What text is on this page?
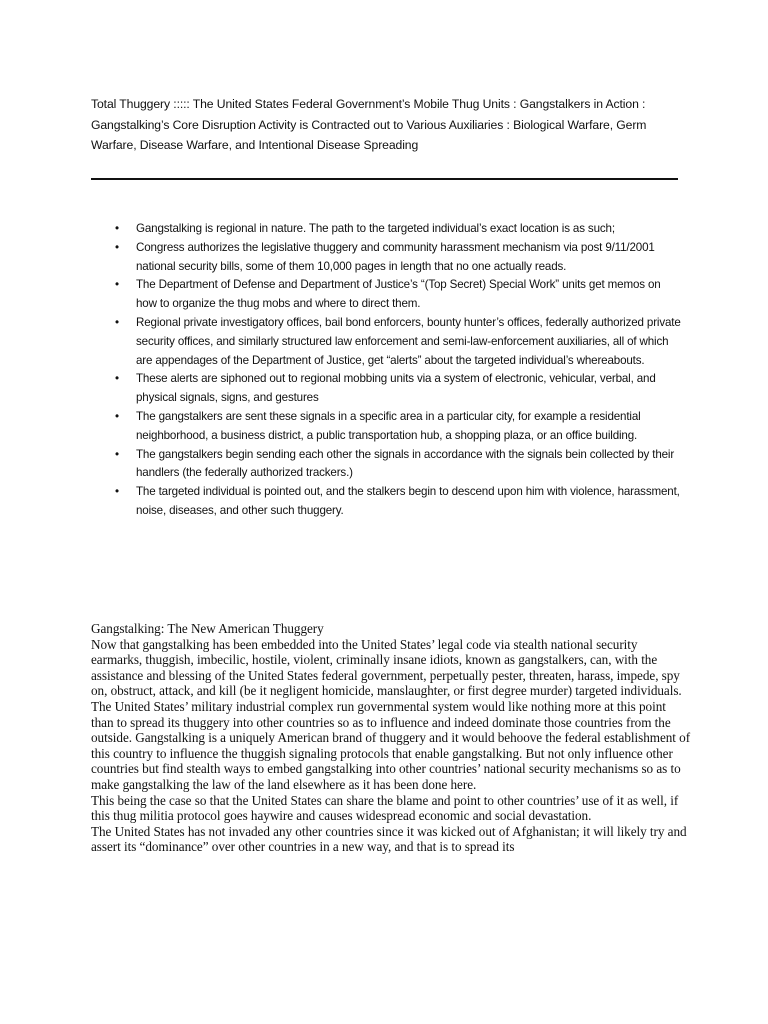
Total Thuggery ::::: The United States Federal Government’s Mobile Thug Units : Gangstalkers in Action : Gangstalking’s Core Disruption Activity is Contracted out to Various Auxiliaries : Biological Warfare, Germ Warfare, Disease Warfare, and Intentional Disease Spreading

• Gangstalking is regional in nature. The path to the targeted individual’s exact location is as such;
• Congress authorizes the legislative thuggery and community harassment mechanism via post 9/11/2001 national security bills, some of them 10,000 pages in length that no one actually reads.
• The Department of Defense and Department of Justice’s “(Top Secret) Special Work” units get memos on how to organize the thug mobs and where to direct them.
• Regional private investigatory offices, bail bond enforcers, bounty hunter’s offices, federally authorized private security offices, and similarly structured law enforcement and semi-law-enforcement auxiliaries, all of which are appendages of the Department of Justice, get “alerts” about the targeted individual’s whereabouts.
• These alerts are siphoned out to regional mobbing units via a system of electronic, vehicular, verbal, and physical signals, signs, and gestures
• The gangstalkers are sent these signals in a specific area in a particular city, for example a residential neighborhood, a business district, a public transportation hub, a shopping plaza, or an office building.
• The gangstalkers begin sending each other the signals in accordance with the signals bein collected by their handlers (the federally authorized trackers.)
• The targeted individual is pointed out, and the stalkers begin to descend upon him with violence, harassment, noise, diseases, and other such thuggery.

Gangstalking: The New American Thuggery

Now that gangstalking has been embedded into the United States’ legal code via stealth national security earmarks, thuggish, imbecilic, hostile, violent, criminally insane idiots, known as gangstalkers, can, with the assistance and blessing of the United States federal government, perpetually pester, threaten, harass, impede, spy on, obstruct, attack, and kill (be it negligent homicide, manslaughter, or first degree murder) targeted individuals.

The United States’ military industrial complex run governmental system would like nothing more at this point than to spread its thuggery into other countries so as to influence and indeed dominate those countries from the outside. Gangstalking is a uniquely American brand of thuggery and it would behoove the federal establishment of this country to influence the thuggish signaling protocols that enable gangstalking. But not only influence other countries but find stealth ways to embed gangstalking into other countries’ national security mechanisms so as to make gangstalking the law of the land elsewhere as it has been done here.

This being the case so that the United States can share the blame and point to other countries’ use of it as well, if this thug militia protocol goes haywire and causes widespread economic and social devastation.

The United States has not invaded any other countries since it was kicked out of Afghanistan; it will likely try and assert its “dominance” over other countries in a new way, and that is to spread its
